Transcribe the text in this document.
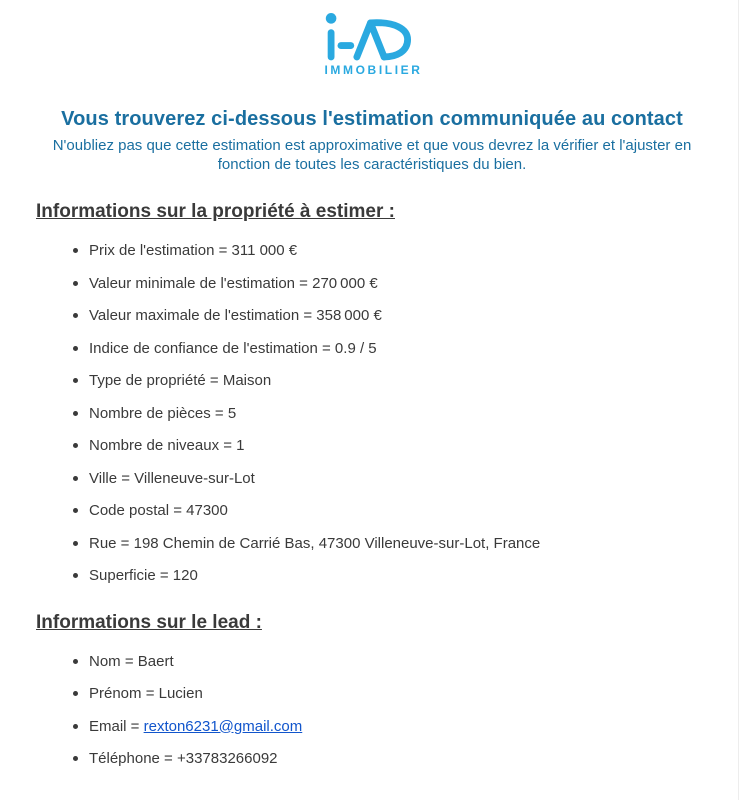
IMMOBILIER
Vous trouverez ci-dessous l'estimation communiquée au contact

N'oubliez pas que cette estimation est approximative et que vous devrez la vérifier et l'ajuster en fonction de toutes les caractéristiques du bien.

Informations sur la propriété à estimer :
Prix de l'estimation = 311 000 €
Valeur minimale de l'estimation = 270 000 €
Valeur maximale de l'estimation = 358 000 €
Indice de confiance de l'estimation = 0.9 / 5
Type de propriété = Maison
Nombre de pièces = 5
Nombre de niveaux = 1
Ville = Villeneuve-sur-Lot
Code postal = 47300
Rue = 198 Chemin de Carrié Bas, 47300 Villeneuve-sur-Lot, France
Superficie = 120
Informations sur le lead :
Nom = Baert
Prénom = Lucien
Email = rexton6231@gmail.com
Téléphone = +33783266092
